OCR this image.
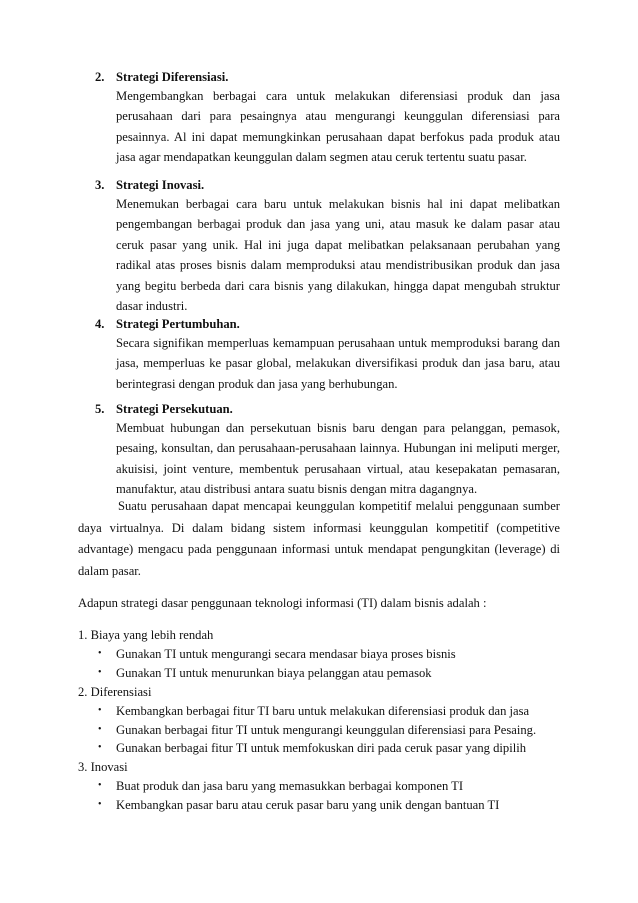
2. Strategi Diferensiasi.

Mengembangkan berbagai cara untuk melakukan diferensiasi produk dan jasa perusahaan dari para pesaingnya atau mengurangi keunggulan diferensiasi para pesainnya. Al ini dapat memungkinkan perusahaan dapat berfokus pada produk atau jasa agar mendapatkan keunggulan dalam segmen atau ceruk tertentu suatu pasar.

3. Strategi Inovasi.

Menemukan berbagai cara baru untuk melakukan bisnis hal ini dapat melibatkan pengembangan berbagai produk dan jasa yang uni, atau masuk ke dalam pasar atau ceruk pasar yang unik. Hal ini juga dapat melibatkan pelaksanaan perubahan yang radikal atas proses bisnis dalam memproduksi atau mendistribusikan produk dan jasa yang begitu berbeda dari cara bisnis yang dilakukan, hingga dapat mengubah struktur dasar industri.

4. Strategi Pertumbuhan.

Secara signifikan memperluas kemampuan perusahaan untuk memproduksi barang dan jasa, memperluas ke pasar global, melakukan diversifikasi produk dan jasa baru, atau berintegrasi dengan produk dan jasa yang berhubungan.

5. Strategi Persekutuan.

Membuat hubungan dan persekutuan bisnis baru dengan para pelanggan, pemasok, pesaing, konsultan, dan perusahaan-perusahaan lainnya. Hubungan ini meliputi merger, akuisisi, joint venture, membentuk perusahaan virtual, atau kesepakatan pemasaran, manufaktur, atau distribusi antara suatu bisnis dengan mitra dagangnya.

Suatu perusahaan dapat mencapai keunggulan kompetitif melalui penggunaan sumber daya virtualnya. Di dalam bidang sistem informasi keunggulan kompetitif (competitive advantage) mengacu pada penggunaan informasi untuk mendapat pengungkitan (leverage) di dalam pasar.

Adapun strategi dasar penggunaan teknologi informasi (TI) dalam bisnis adalah :

1. Biaya yang lebih rendah

• Gunakan TI untuk mengurangi secara mendasar biaya proses bisnis
• Gunakan TI untuk menurunkan biaya pelanggan atau pemasok

2. Diferensiasi

• Kembangkan berbagai fitur TI baru untuk melakukan diferensiasi produk dan jasa
• Gunakan berbagai fitur TI untuk mengurangi keunggulan diferensiasi para Pesaing.
• Gunakan berbagai fitur TI untuk memfokuskan diri pada ceruk pasar yang dipilih

3. Inovasi

• Buat produk dan jasa baru yang memasukkan berbagai komponen TI
• Kembangkan pasar baru atau ceruk pasar baru yang unik dengan bantuan TI
